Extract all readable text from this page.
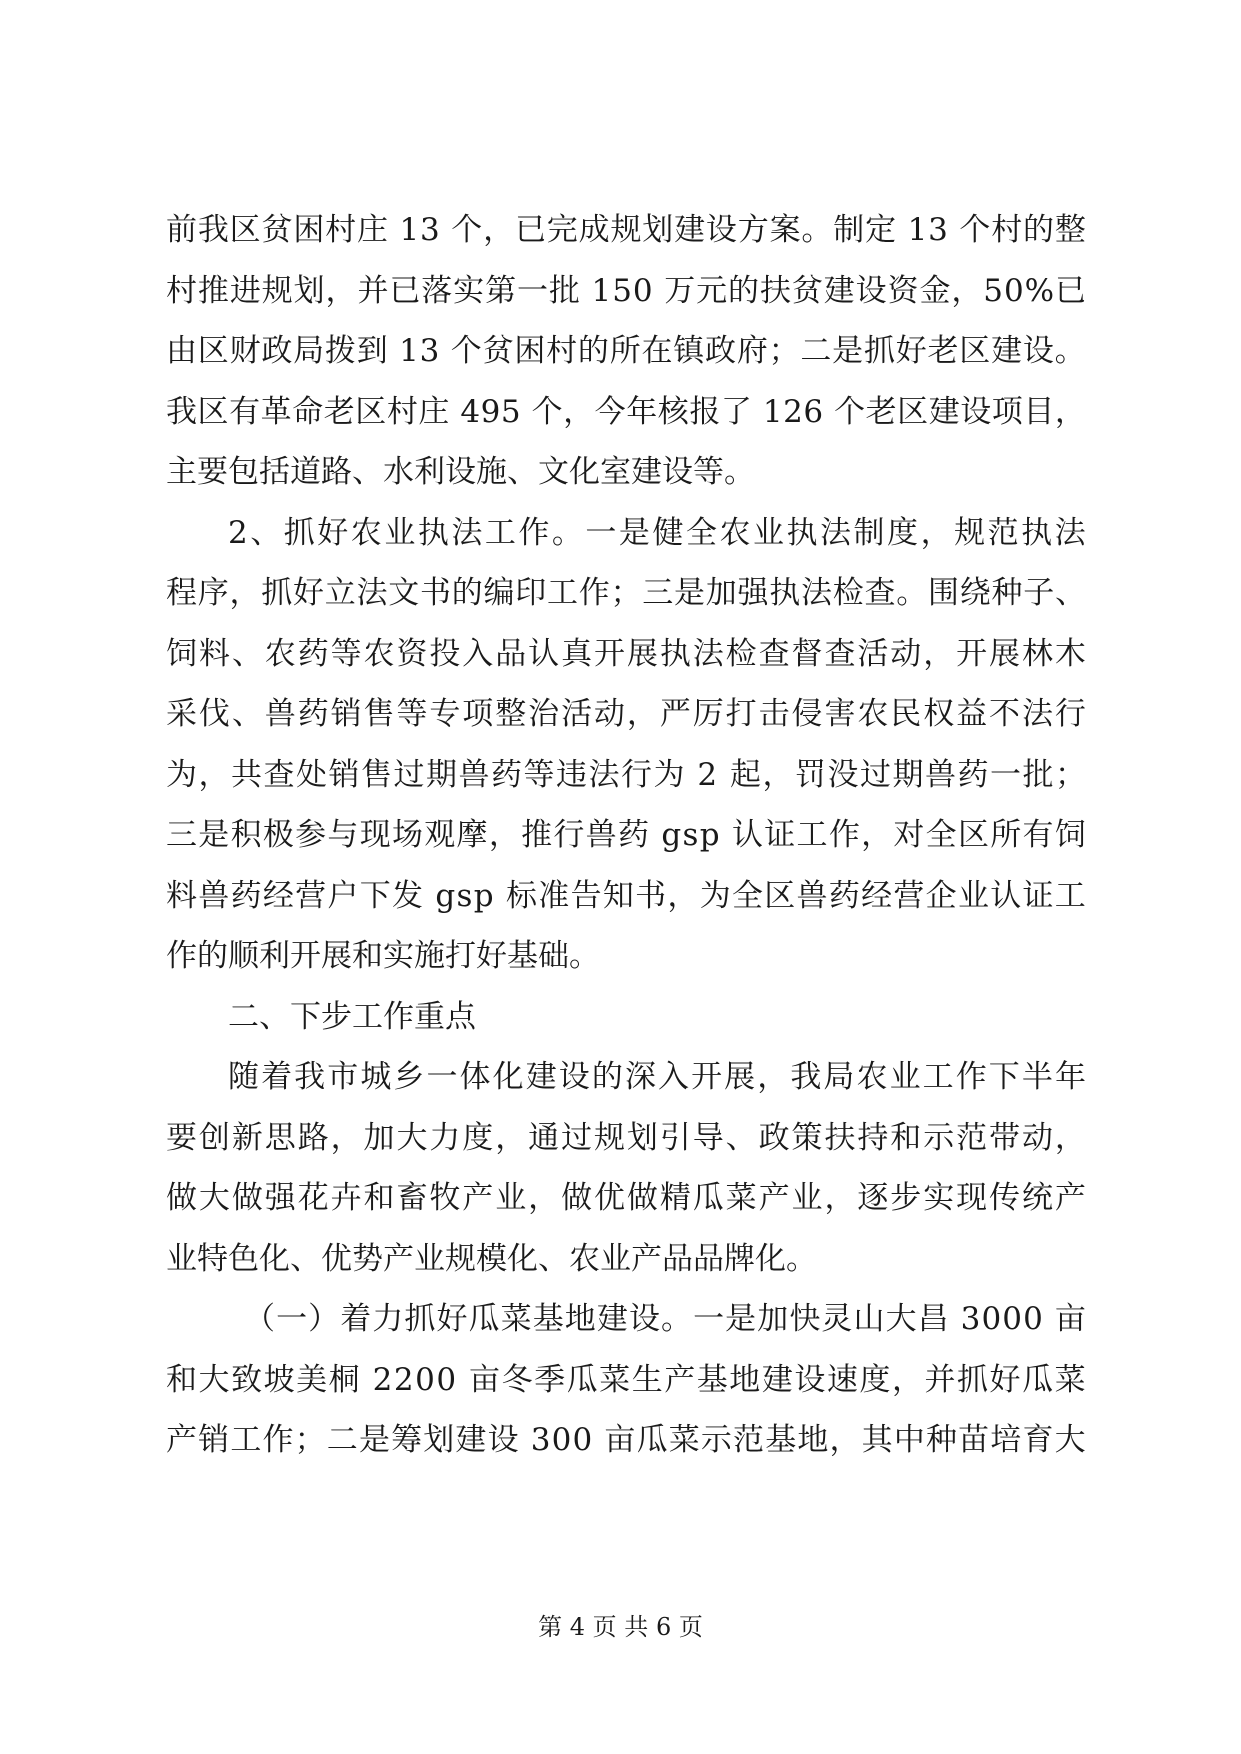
前 我 区 贫 困 村 庄
1 3
个 ， 已 完 成 规 划 建 设 方 案 。 制 定
1 3
个 村 的 整
村 推 进 规 划 ， 并 已 落 实 第 一 批
1 5 0
万 元 的 扶 贫 建 设 资 金 ， 5 0 % 已
由 区 财 政 局 拨 到
1 3
个 贫 困 村 的 所 在 镇 政 府 ； 二 是 抓 好 老 区 建 设 。
我 区 有 革 命 老 区 村 庄
4 9 5
个 ， 今 年 核 报 了
1 2 6
个 老 区 建 设 项 目 ，
主要包括道路、水利设施、文化室建设等。
2 、 抓 好 农 业 执 法 工 作 。 一 是 健 全 农 业 执 法 制 度 ， 规 范 执 法
程 序 ， 抓 好 立 法 文 书 的 编 印 工 作 ； 三 是 加 强 执 法 检 查 。 围 绕 种 子 、
饲 料 、 农 药 等 农 资 投 入 品 认 真 开 展 执 法 检 查 督 查 活 动 ， 开 展 林 木
采 伐 、 兽 药 销 售 等 专 项 整 治 活 动 ， 严 厉 打 击 侵 害 农 民 权 益 不 法 行
为 ， 共 查 处 销 售 过 期 兽 药 等 违 法 行 为
2
起 ， 罚 没 过 期 兽 药 一 批 ；
三 是 积 极 参 与 现 场 观 摩 ， 推 行 兽 药
g s p
认 证 工 作 ， 对 全 区 所 有 饲
料 兽 药 经 营 户 下 发
g s p
标 准 告 知 书 ， 为 全 区 兽 药 经 营 企 业 认 证 工
作的顺利开展和实施打好基础。
二、下步工作重点
随 着 我 市 城 乡 一 体 化 建 设 的 深 入 开 展 ， 我 局 农 业 工 作 下 半 年
要 创 新 思 路 ， 加 大 力 度 ， 通 过 规 划 引 导 、 政 策 扶 持 和 示 范 带 动 ，
做 大 做 强 花 卉 和 畜 牧 产 业 ， 做 优 做 精 瓜 菜 产 业 ， 逐 步 实 现 传 统 产
业特色化、优势产业规模化、农业产品品牌化。
（ 一 ） 着 力 抓 好 瓜 菜 基 地 建 设 。 一 是 加 快 灵 山 大 昌
3 0 0 0
亩
和 大 致 坡 美 桐
2 2 0 0
亩 冬 季 瓜 菜 生 产 基 地 建 设 速 度 ， 并 抓 好 瓜 菜
产 销 工 作 ； 二 是 筹 划 建 设
3 0 0
亩 瓜 菜 示 范 基 地 ， 其 中 种 苗 培 育 大
第 4 页 共 6 页
